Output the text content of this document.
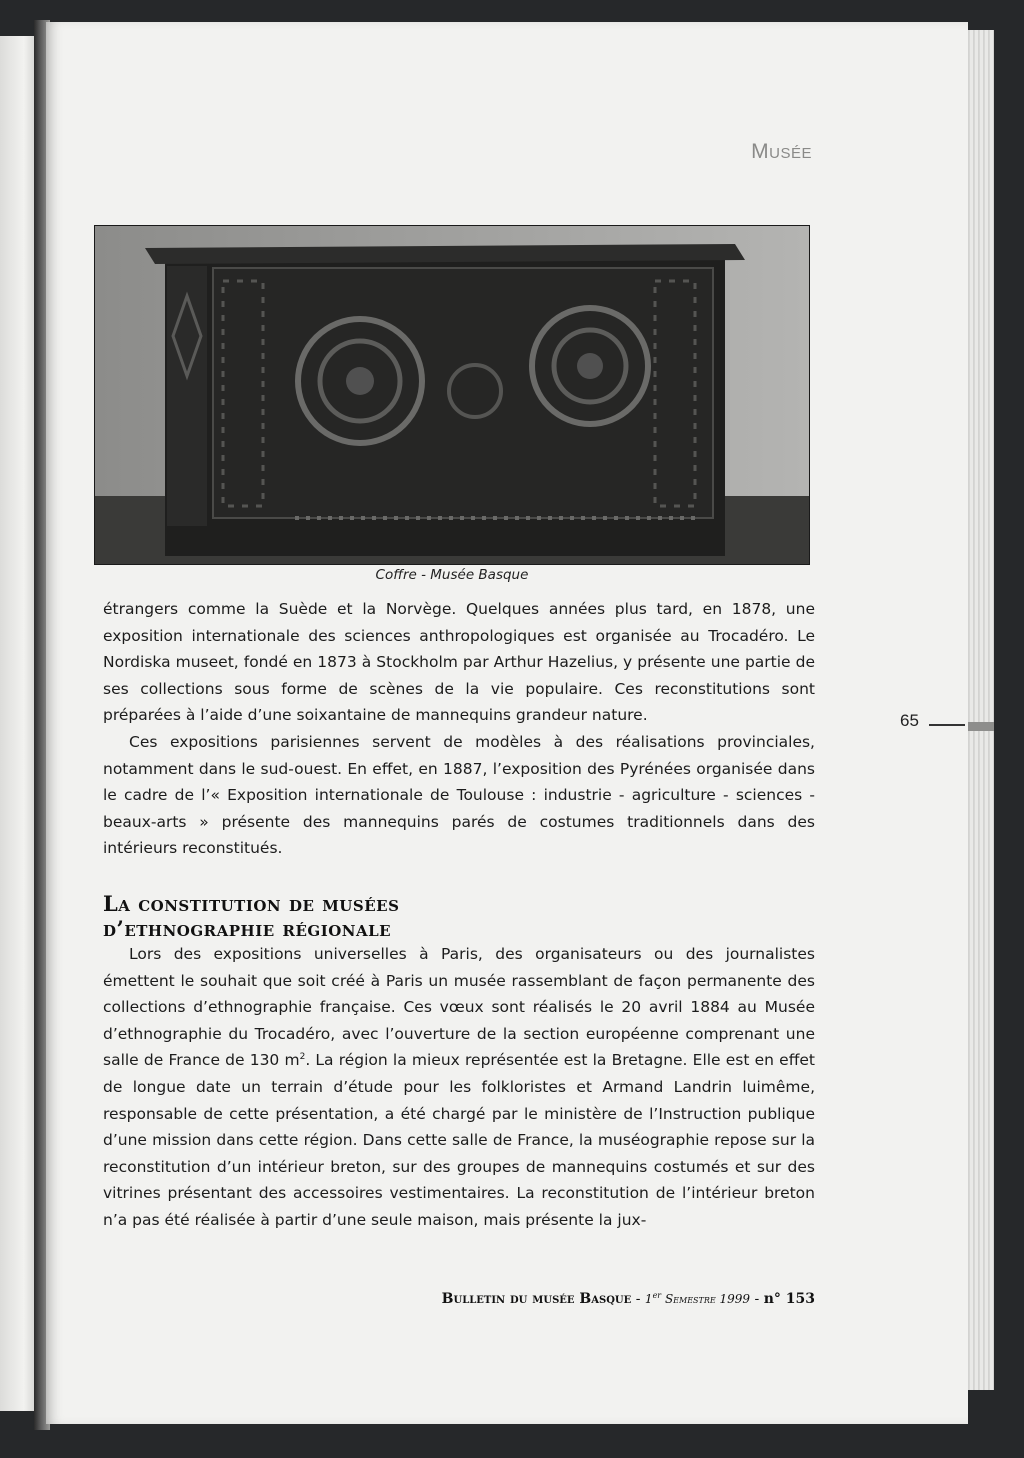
Musée
Coffre - Musée Basque

étrangers comme la Suède et la Norvège. Quelques années plus tard, en 1878, une exposition internationale des sciences anthropologiques est organisée au Trocadéro. Le Nordiska museet, fondé en 1873 à Stockholm par Arthur Hazelius, y présente une partie de ses collections sous forme de scènes de la vie populaire. Ces reconstitutions sont préparées à l’aide d’une soixantaine de mannequins grandeur nature.

Ces expositions parisiennes servent de modèles à des réalisations provinciales, notamment dans le sud-ouest. En effet, en 1887, l’exposition des Pyrénées organisée dans le cadre de l’« Exposition internationale de Toulouse : industrie - agriculture - sciences - beaux-arts » présente des mannequins parés de costumes traditionnels dans des intérieurs reconstitués.

La constitution de musées
d’ethnographie régionale

Lors des expositions universelles à Paris, des organisateurs ou des journalistes émettent le souhait que soit créé à Paris un musée rassemblant de façon permanente des collections d’ethnographie française. Ces vœux sont réalisés le 20 avril 1884 au Musée d’ethnographie du Trocadéro, avec l’ouverture de la section européenne comprenant une salle de France de 130 $m^2$. La région la mieux représentée est la Bretagne. Elle est en effet de longue date un terrain d’étude pour les folkloristes et Armand Landrin luimême, responsable de cette présentation, a été chargé par le ministère de l’Instruction publique d’une mission dans cette région. Dans cette salle de France, la muséographie repose sur la reconstitution d’un intérieur breton, sur des groupes de mannequins costumés et sur des vitrines présentant des accessoires vestimentaires. La reconstitution de l’intérieur breton n’a pas été réalisée à partir d’une seule maison, mais présente la jux-

65
Bulletin du musée Basque - 1er Semestre 1999 - n° 153
